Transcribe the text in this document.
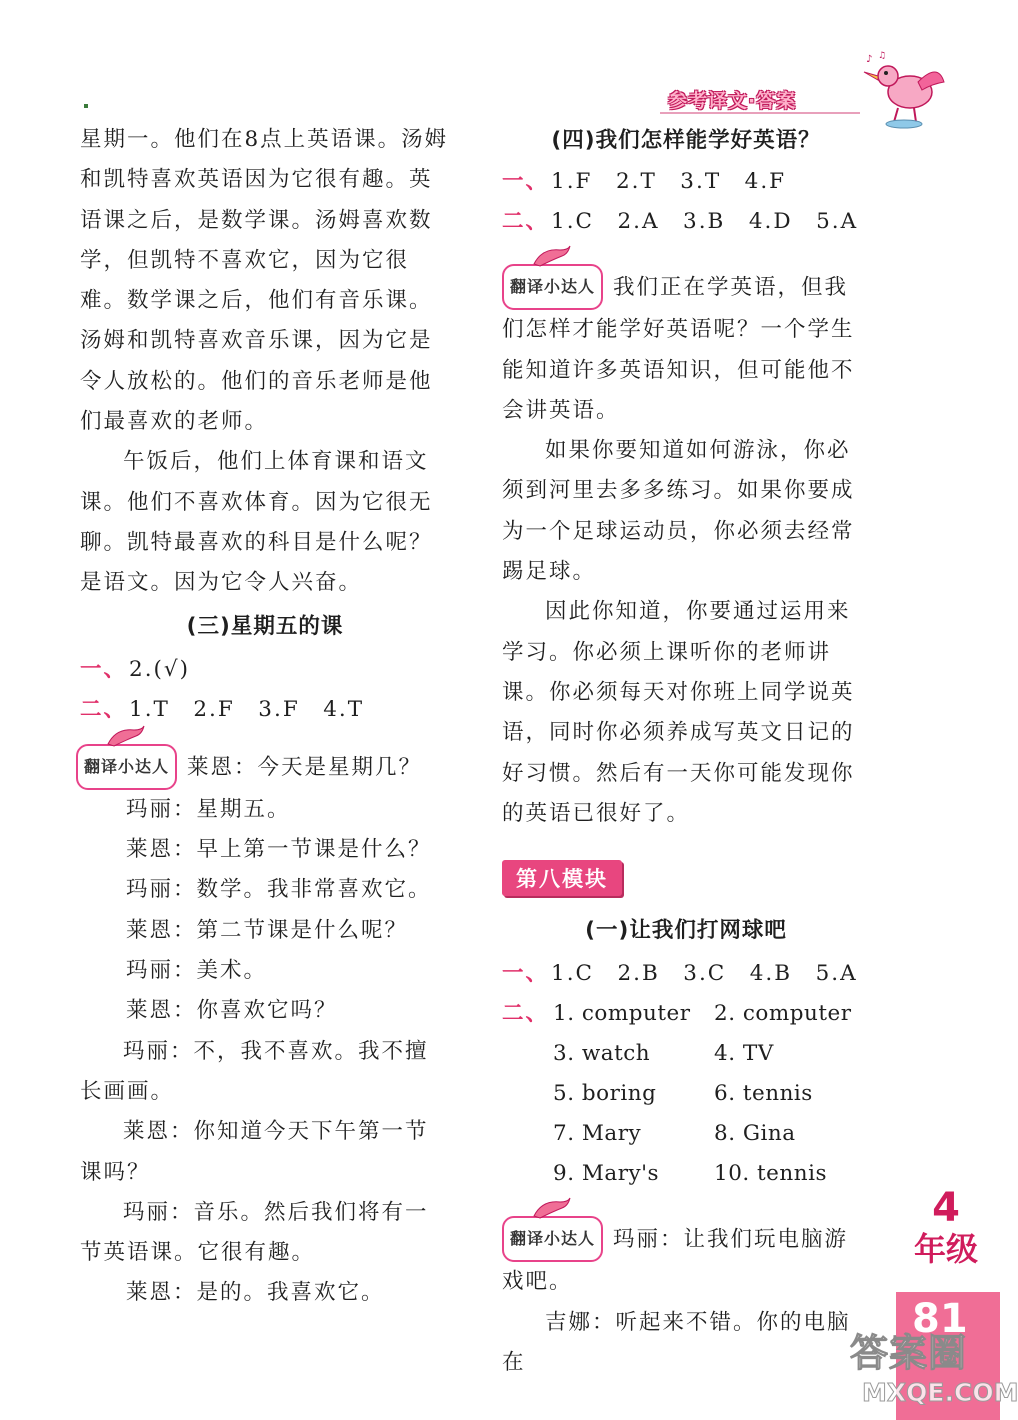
参考译文·答案
♪ ♫

星期一。他们在8点上英语课。汤姆和凯特喜欢英语因为它很有趣。英语课之后，是数学课。汤姆喜欢数学，但凯特不喜欢它，因为它很难。数学课之后，他们有音乐课。汤姆和凯特喜欢音乐课，因为它是令人放松的。他们的音乐老师是他们最喜欢的老师。

午饭后，他们上体育课和语文课。他们不喜欢体育。因为它很无聊。凯特最喜欢的科目是什么呢？是语文。因为它令人兴奋。

(三)星期五的课

一、2.(√)

二、1.T　2.F　3.F　4.T

翻译小达人 莱恩：今天是星期几？

玛丽：星期五。

莱恩：早上第一节课是什么？

玛丽：数学。我非常喜欢它。

莱恩：第二节课是什么呢？

玛丽：美术。

莱恩：你喜欢它吗？

玛丽：不，我不喜欢。我不擅长画画。

莱恩：你知道今天下午第一节课吗？

玛丽：音乐。然后我们将有一节英语课。它很有趣。

莱恩：是的。我喜欢它。

(四)我们怎样能学好英语？

一、1.F　2.T　3.T　4.F

二、1.C　2.A　3.B　4.D　5.A

翻译小达人 我们正在学英语，但我们怎样才能学好英语呢？一个学生能知道许多英语知识，但可能他不会讲英语。

如果你要知道如何游泳，你必须到河里去多多练习。如果你要成为一个足球运动员，你必须去经常踢足球。

因此你知道，你要通过运用来学习。你必须上课听你的老师讲课。你必须每天对你班上同学说英语，同时你必须养成写英文日记的好习惯。然后有一天你可能发现你的英语已很好了。

第八模块
(一)让我们打网球吧

一、1.C　2.B　3.C　4.B　5.A

二、 1. computer	2. computer
3. watch	4. TV
5. boring	6. tennis
7. Mary	8. Gina
9. Mary's	10. tennis

翻译小达人 玛丽：让我们玩电脑游戏吧。

吉娜：听起来不错。你的电脑在

4
年级
81
答案圈
MXQE.COM
